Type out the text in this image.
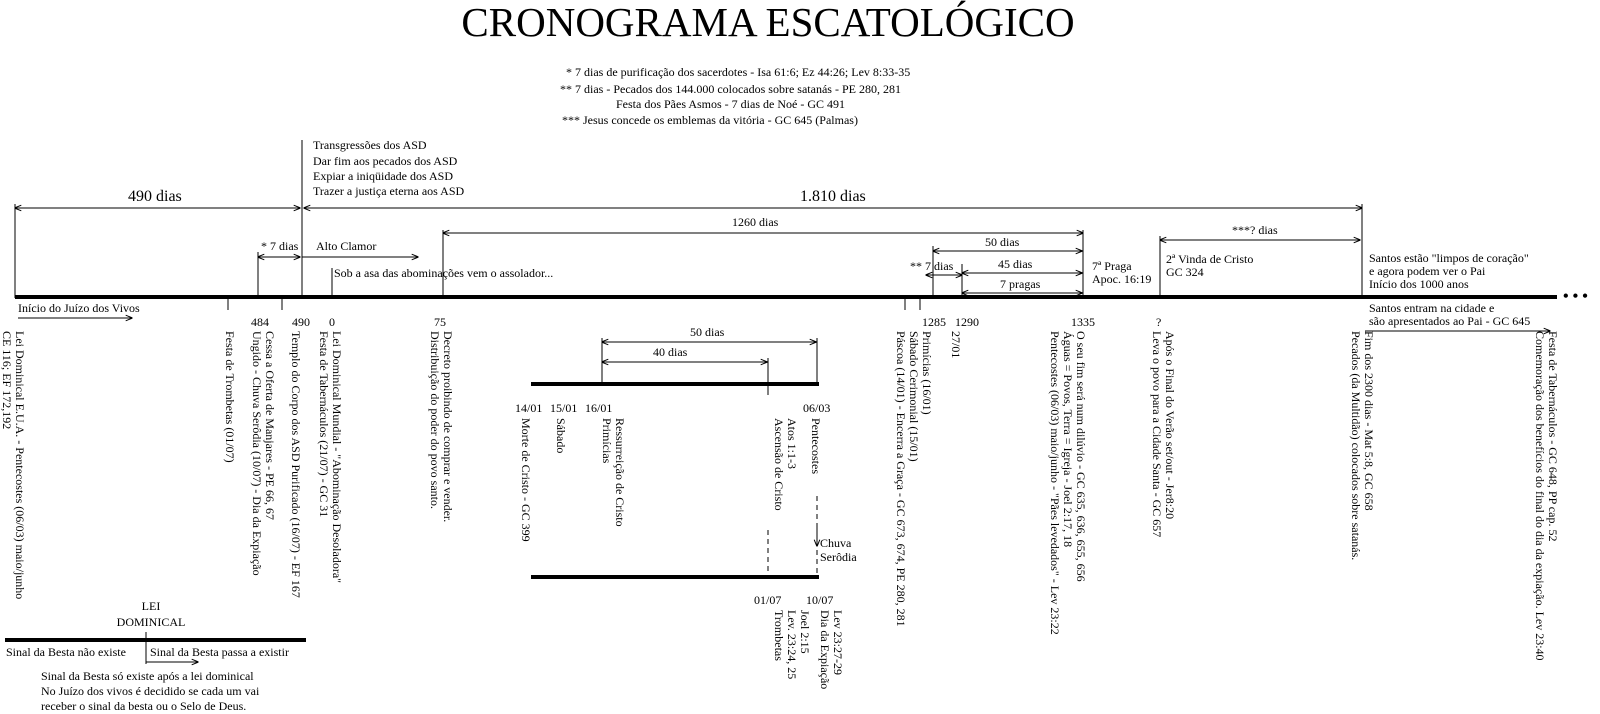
CRONOGRAMA ESCATOLÓGICO
* 7 dias de purificação dos sacerdotes - Isa 61:6; Ez 44:26; Lev 8:33-35
** 7 dias - Pecados dos 144.000 colocados sobre satanás - PE 280, 281
Festa dos Pães Asmos - 7 dias de Noé - GC 491
*** Jesus concede os emblemas da vitória - GC 645 (Palmas)
Transgressões dos ASD
Dar fim aos pecados dos ASD
Expiar a iniqüidade dos ASD
Trazer a justiça eterna aos ASD
490 dias	1.810 dias
1260 dias
***? dias
* 7 dias Alto Clamor
Sob a asa das abominações vem o assolador...
50 dias
** 7 dias	45 dias
7 pragas
7ª Praga
Apoc. 16:19
2ª Vinda de Cristo
GC 324
Santos estão "limpos de coração"
e agora podem ver o Pai
Início dos 1000 anos
• • •
Início do Juízo dos Vivos	Santos entram na cidade e
são apresentados ao Pai - GC 645
484 490 0	75	1285 1290	1335	?
CE 116; EF 172,192 Lei Dominical E.U.A. - Pentecostes (06/03) maio/junho	Festa de Trombetas (01/07) Ungido - Chuva Serôdia (10/07) - Dia da Expiação Cessa a Oferta de Manjares - PE 66, 67 Templo do Corpo dos ASD Purificado (16/07) - EF 167 Festa de Tabernáculos (21/07) - GC 31 Lei Dominical Mundial - "Abominação Desoladora"	Distribuição do poder do povo santo. Decreto proibindo de comprar e vender.	Páscoa (14/01) - Encerra a Graça - GC 673, 674, PE 280, 281 Sábado Cerimonial (15/01) Primícias (16/01) 27/01	Pentecostes (06/03) maio/junho - "Pães levedados" - Lev 23:22 Águas = Povos, Terra = Igreja - Joel 2:17, 18 O seu fim será num dilúvio - GC 635, 636, 655, 656	Leva o povo para a Cidade Santa - GC 657 Após o Final do Verão set/out - Jer8:20	Pecados (da Multidão) colocados sobre satanás. Fim dos 2300 dias - Mat 5:8, GC 658	Comemoração dos benefícios do final do dia da expiação. Lev 23:40 Festa de Tabernáculos - GC 648, PP cap. 52
50 dias
40 dias
14/01 15/01 16/01	06/03
Morte de Cristo - GC 399 Sábado	Primícias Ressurreição de Cristo	Ascensão de Cristo Atos 1:1-3 Pentecostes
Chuva
Serôdia
01/07 10/07
Trombetas Lev. 23:24, 25 Joel 2:15 Dia da Expiação Lev 23:27-29
LEI
DOMINICAL
Sinal da Besta não existe Sinal da Besta passa a existir
Sinal da Besta só existe após a lei dominical
No Juízo dos vivos é decidido se cada um vai
receber o sinal da besta ou o Selo de Deus.
